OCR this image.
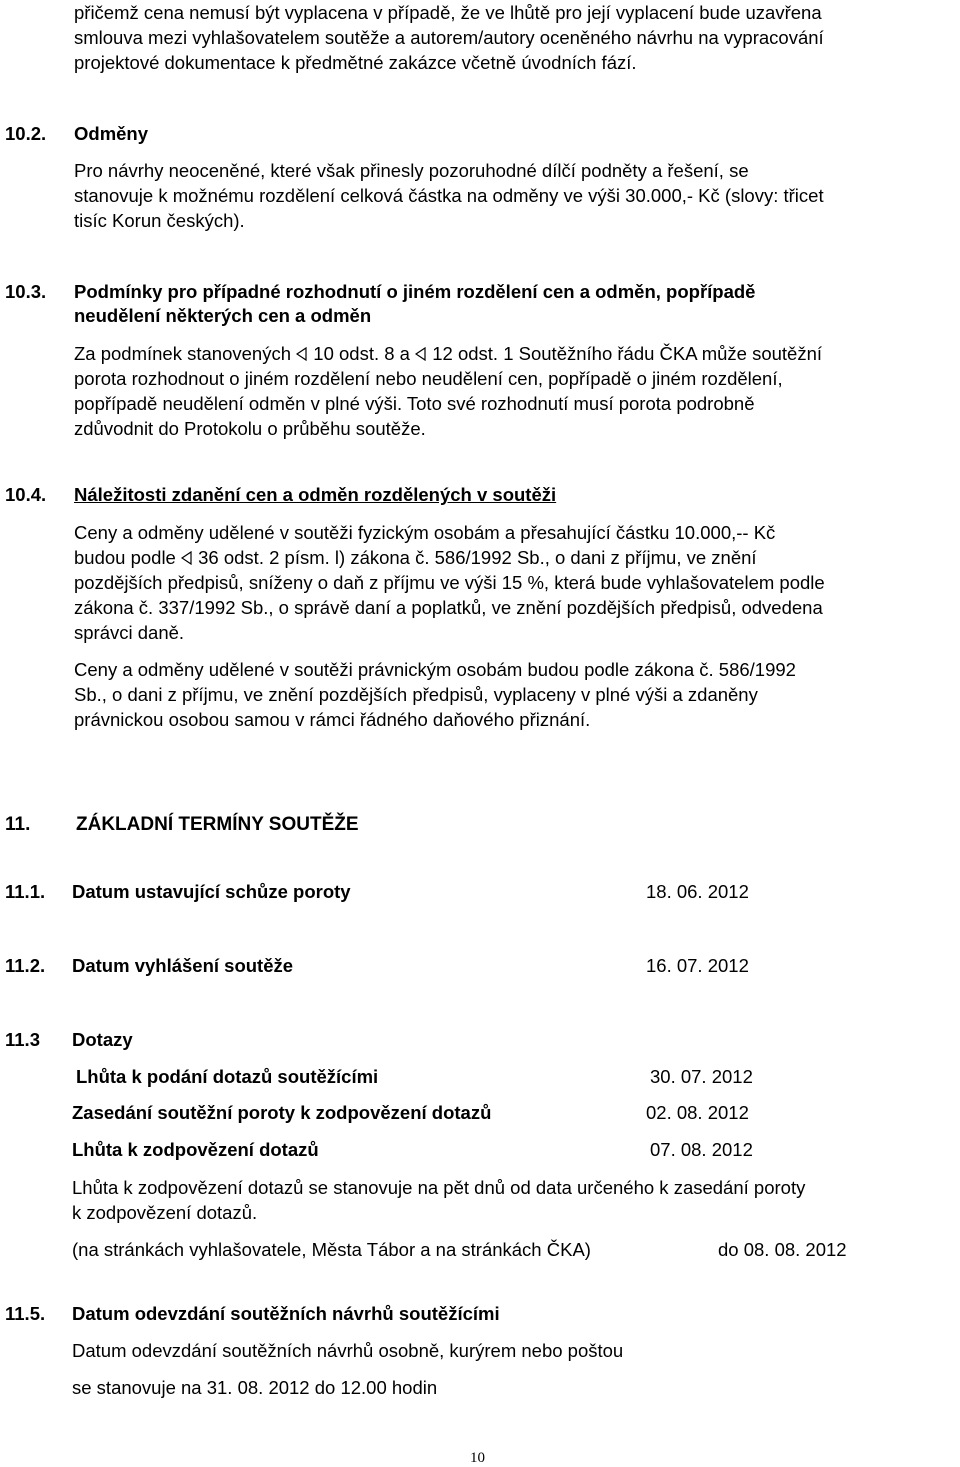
přičemž cena nemusí být vyplacena v případě, že ve lhůtě pro její vyplacení bude uzavřena
smlouva mezi vyhlašovatelem soutěže a autorem/autory oceněného návrhu na vypracování
projektové dokumentace k předmětné zakázce včetně úvodních fází.
10.2. Odměny
Pro návrhy neoceněné, které však přinesly pozoruhodné dílčí podněty a řešení, se
stanovuje k možnému rozdělení celková částka na odměny ve výši 30.000,- Kč (slovy: třicet
tisíc Korun českých).
10.3. Podmínky pro případné rozhodnutí o jiném rozdělení cen a odměn, popřípadě
neudělení některých cen a odměn
Za podmínek stanovených 10 odst. 8 a 12 odst. 1 Soutěžního řádu ČKA může soutěžní
porota rozhodnout o jiném rozdělení nebo neudělení cen, popřípadě o jiném rozdělení,
popřípadě neudělení odměn v plné výši. Toto své rozhodnutí musí porota podrobně
zdůvodnit do Protokolu o průběhu soutěže.
10.4. Náležitosti zdanění cen a odměn rozdělených v soutěži
Ceny a odměny udělené v soutěži fyzickým osobám a přesahující částku 10.000,-- Kč
budou podle 36 odst. 2 písm. l) zákona č. 586/1992 Sb., o dani z příjmu, ve znění
pozdějších předpisů, sníženy o daň z příjmu ve výši 15 %, která bude vyhlašovatelem podle
zákona č. 337/1992 Sb., o správě daní a poplatků, ve znění pozdějších předpisů, odvedena
správci daně.
Ceny a odměny udělené v soutěži právnickým osobám budou podle zákona č. 586/1992
Sb., o dani z příjmu, ve znění pozdějších předpisů, vyplaceny v plné výši a zdaněny
právnickou osobou samou v rámci řádného daňového přiznání.
11. ZÁKLADNÍ TERMÍNY SOUTĚŽE
11.1. Datum ustavující schůze poroty	18. 06. 2012
11.2. Datum vyhlášení soutěže	16. 07. 2012
11.3 Dotazy
Lhůta k podání dotazů soutěžícími	30. 07. 2012
Zasedání soutěžní poroty k zodpovězení dotazů	02. 08. 2012
Lhůta k zodpovězení dotazů	07. 08. 2012
Lhůta k zodpovězení dotazů se stanovuje na pět dnů od data určeného k zasedání poroty
k zodpovězení dotazů.
(na stránkách vyhlašovatele, Města Tábor a na stránkách ČKA)	do 08. 08. 2012
11.5. Datum odevzdání soutěžních návrhů soutěžícími
Datum odevzdání soutěžních návrhů osobně, kurýrem nebo poštou
se stanovuje na 31. 08. 2012 do 12.00 hodin
10
